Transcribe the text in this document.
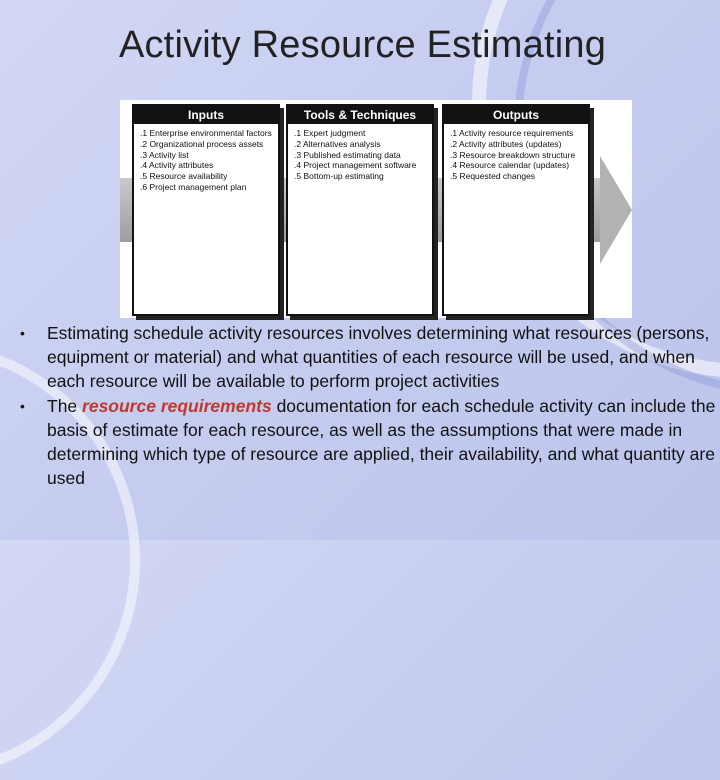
Activity Resource Estimating
Inputs
.1 Enterprise environmental factors
.2 Organizational process assets
.3 Activity list
.4 Activity attributes
.5 Resource availability
.6 Project management plan
Tools & Techniques
.1 Expert judgment
.2 Alternatives analysis
.3 Published estimating data
.4 Project management software
.5 Bottom-up estimating
Outputs
.1 Activity resource requirements
.2 Activity attributes (updates)
.3 Resource breakdown structure
.4 Resource calendar (updates)
.5 Requested changes
• Estimating schedule activity resources involves determining what resources (persons, equipment or material) and what quantities of each resource will be used, and when each resource will be available to perform project activities
• The resource requirements documentation for each schedule activity can include the basis of estimate for each resource, as well as the assumptions that were made in determining which type of resource are applied, their availability, and what quantity are used
